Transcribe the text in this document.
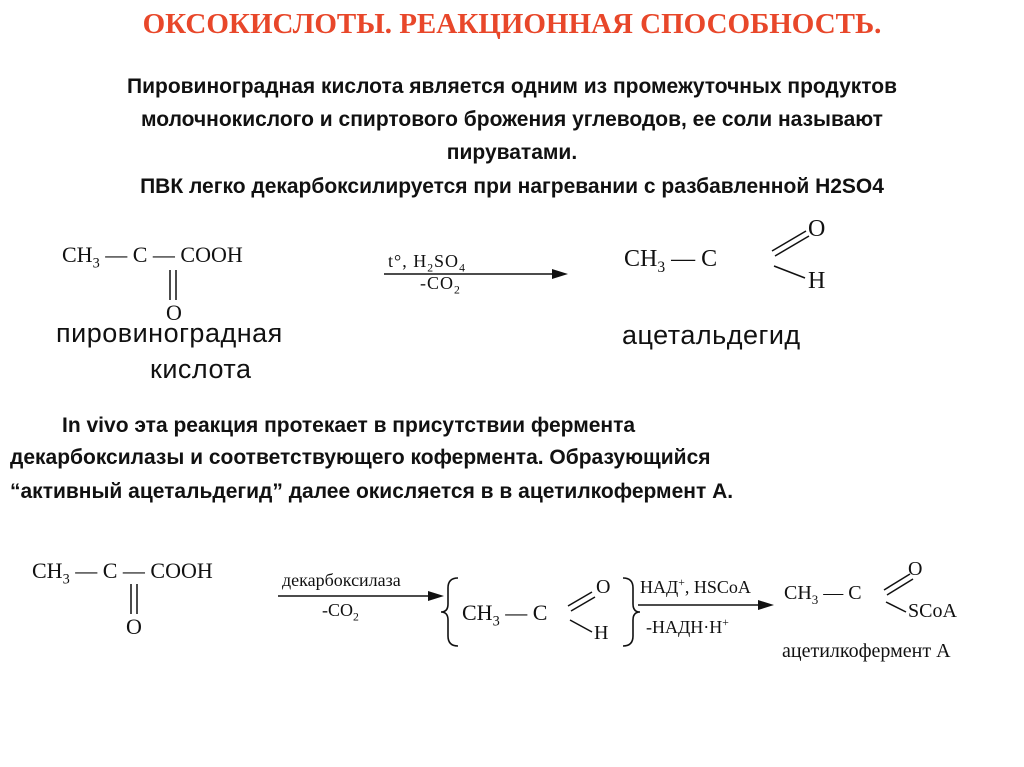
ОКСОКИСЛОТЫ. РЕАКЦИОННАЯ СПОСОБНОСТЬ.
Пировиноградная кислота является одним из промежуточных продуктов
молочнокислого и спиртового брожения углеводов, ее соли называют
пируватами.
ПВК легко декарбоксилируется при нагревании с разбавленной H2SO4
$CH_3$ — C — COOH
O
t°, $H_2SO_4$
$-CO_2$
$CH_3$ — C
O
H
пировиноградная
кислота
ацетальдегид
In vivo эта реакция протекает в присутствии фермента
декарбоксилазы и соответствующего кофермента. Образующийся
“активный ацетальдегид” далее окисляется в в ацетилкофермент А.
$CH_3$ — C — COOH
O
декарбоксилаза
$-CO_2$	$CH_3$ — C
O
H
НАД+, HSCoA
-НАДН·Н+
$CH_3$ — C
O
SCoA
ацетилкофермент А
